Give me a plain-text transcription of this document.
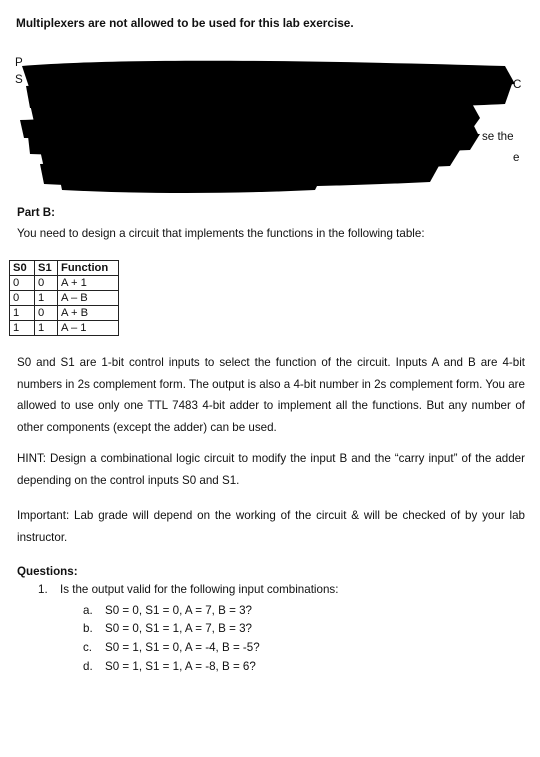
Multiplexers are not allowed to be used for this lab exercise.
P
S	C
se the
e
Part B:
You need to design a circuit that implements the functions in the following table:
S0	S1	Function
0	0	A + 1
0	1	A – B
1	0	A + B
1	1	A – 1
S0 and S1 are 1-bit control inputs to select the function of the circuit. Inputs A and B are 4-bit numbers in 2s complement form. The output is also a 4-bit number in 2s complement form. You are allowed to use only one TTL 7483 4-bit adder to implement all the functions. But any number of other components (except the adder) can be used.
HINT: Design a combinational logic circuit to modify the input B and the “carry input” of the adder depending on the control inputs S0 and S1.
Important: Lab grade will depend on the working of the circuit & will be checked of by your lab instructor.
Questions:
1. Is the output valid for the following input combinations:
a. S0 = 0, S1 = 0, A = 7, B = 3?
b. S0 = 0, S1 = 1, A = 7, B = 3?
c. S0 = 1, S1 = 0, A = -4, B = -5?
d. S0 = 1, S1 = 1, A = -8, B = 6?
